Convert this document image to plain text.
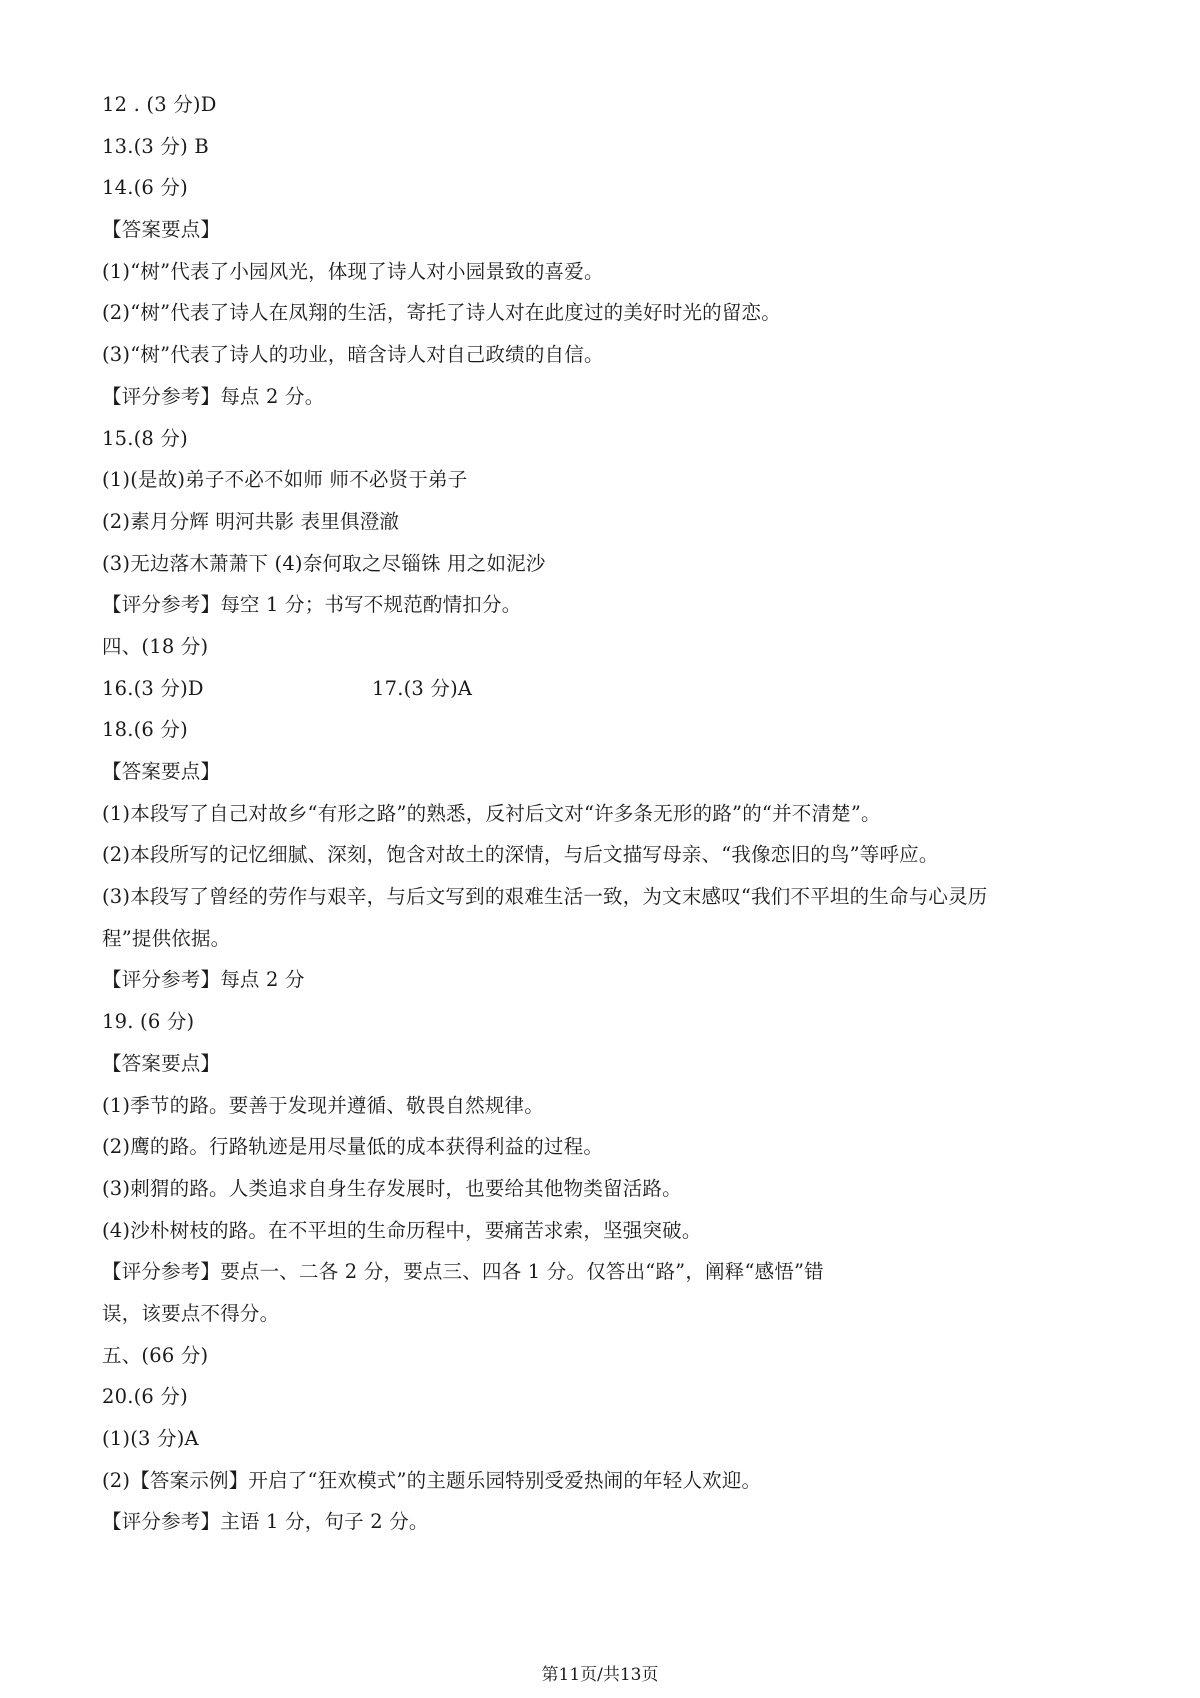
12 . (3 分)D
13.(3 分) B
14.(6 分)
【答案要点】
(1)“树”代表了小园风光，体现了诗人对小园景致的喜爱。
(2)“树”代表了诗人在凤翔的生活，寄托了诗人对在此度过的美好时光的留恋。
(3)“树”代表了诗人的功业，暗含诗人对自己政绩的自信。
【评分参考】每点 2 分。
15.(8 分)
(1)(是故)弟子不必不如师 师不必贤于弟子
(2)素月分辉 明河共影 表里俱澄澈
(3)无边落木萧萧下 (4)奈何取之尽锱铢 用之如泥沙
【评分参考】每空 1 分；书写不规范酌情扣分。
四、(18 分)
16.(3 分)D	17.(3 分)A
18.(6 分)
【答案要点】
(1)本段写了自己对故乡“有形之路”的熟悉，反衬后文对“许多条无形的路”的“并不清楚”。
(2)本段所写的记忆细腻、深刻，饱含对故土的深情，与后文描写母亲、“我像恋旧的鸟”等呼应。
(3)本段写了曾经的劳作与艰辛，与后文写到的艰难生活一致，为文末感叹“我们不平坦的生命与心灵历
程”提供依据。
【评分参考】每点 2 分
19. (6 分)
【答案要点】
(1)季节的路。要善于发现并遵循、敬畏自然规律。
(2)鹰的路。行路轨迹是用尽量低的成本获得利益的过程。
(3)刺猬的路。人类追求自身生存发展时，也要给其他物类留活路。
(4)沙朴树枝的路。在不平坦的生命历程中，要痛苦求索，坚强突破。
【评分参考】要点一、二各 2 分，要点三、四各 1 分。仅答出“路”，阐释“感悟”错
误，该要点不得分。
五、(66 分)
20.(6 分)
(1)(3 分)A
(2)【答案示例】开启了“狂欢模式”的主题乐园特别受爱热闹的年轻人欢迎。
【评分参考】主语 1 分，句子 2 分。
第11页/共13页
